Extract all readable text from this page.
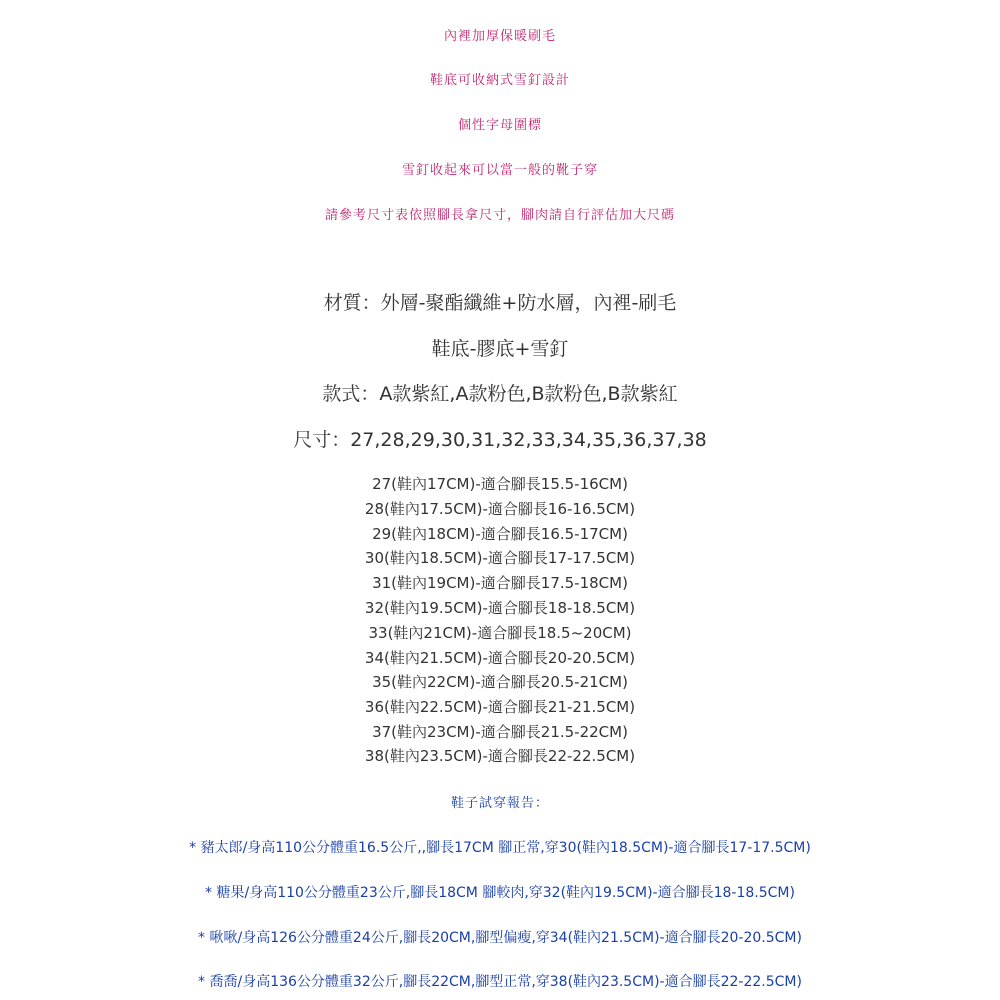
內裡加厚保暖刷毛
鞋底可收納式雪釘設計
個性字母圍標
雪釘收起來可以當一般的靴子穿
請參考尺寸表依照腳長拿尺寸，腳肉請自行評估加大尺碼
材質：外層-聚酯纖維+防水層，內裡-刷毛
鞋底-膠底+雪釘
款式：A款紫紅,A款粉色,B款粉色,B款紫紅
尺寸：27,28,29,30,31,32,33,34,35,36,37,38
27(鞋內17CM)-適合腳長15.5-16CM)
28(鞋內17.5CM)-適合腳長16-16.5CM)
29(鞋內18CM)-適合腳長16.5-17CM)
30(鞋內18.5CM)-適合腳長17-17.5CM)
31(鞋內19CM)-適合腳長17.5-18CM)
32(鞋內19.5CM)-適合腳長18-18.5CM)
33(鞋內21CM)-適合腳長18.5~20CM)
34(鞋內21.5CM)-適合腳長20-20.5CM)
35(鞋內22CM)-適合腳長20.5-21CM)
36(鞋內22.5CM)-適合腳長21-21.5CM)
37(鞋內23CM)-適合腳長21.5-22CM)
38(鞋內23.5CM)-適合腳長22-22.5CM)
鞋子試穿報告：
* 豬太郎/身高110公分體重16.5公斤,,腳長17CM 腳正常,穿30(鞋內18.5CM)-適合腳長17-17.5CM)
* 糖果/身高110公分體重23公斤,腳長18CM 腳較肉,穿32(鞋內19.5CM)-適合腳長18-18.5CM)
* 啾啾/身高126公分體重24公斤,腳長20CM,腳型偏瘦,穿34(鞋內21.5CM)-適合腳長20-20.5CM)
* 喬喬/身高136公分體重32公斤,腳長22CM,腳型正常,穿38(鞋內23.5CM)-適合腳長22-22.5CM)
